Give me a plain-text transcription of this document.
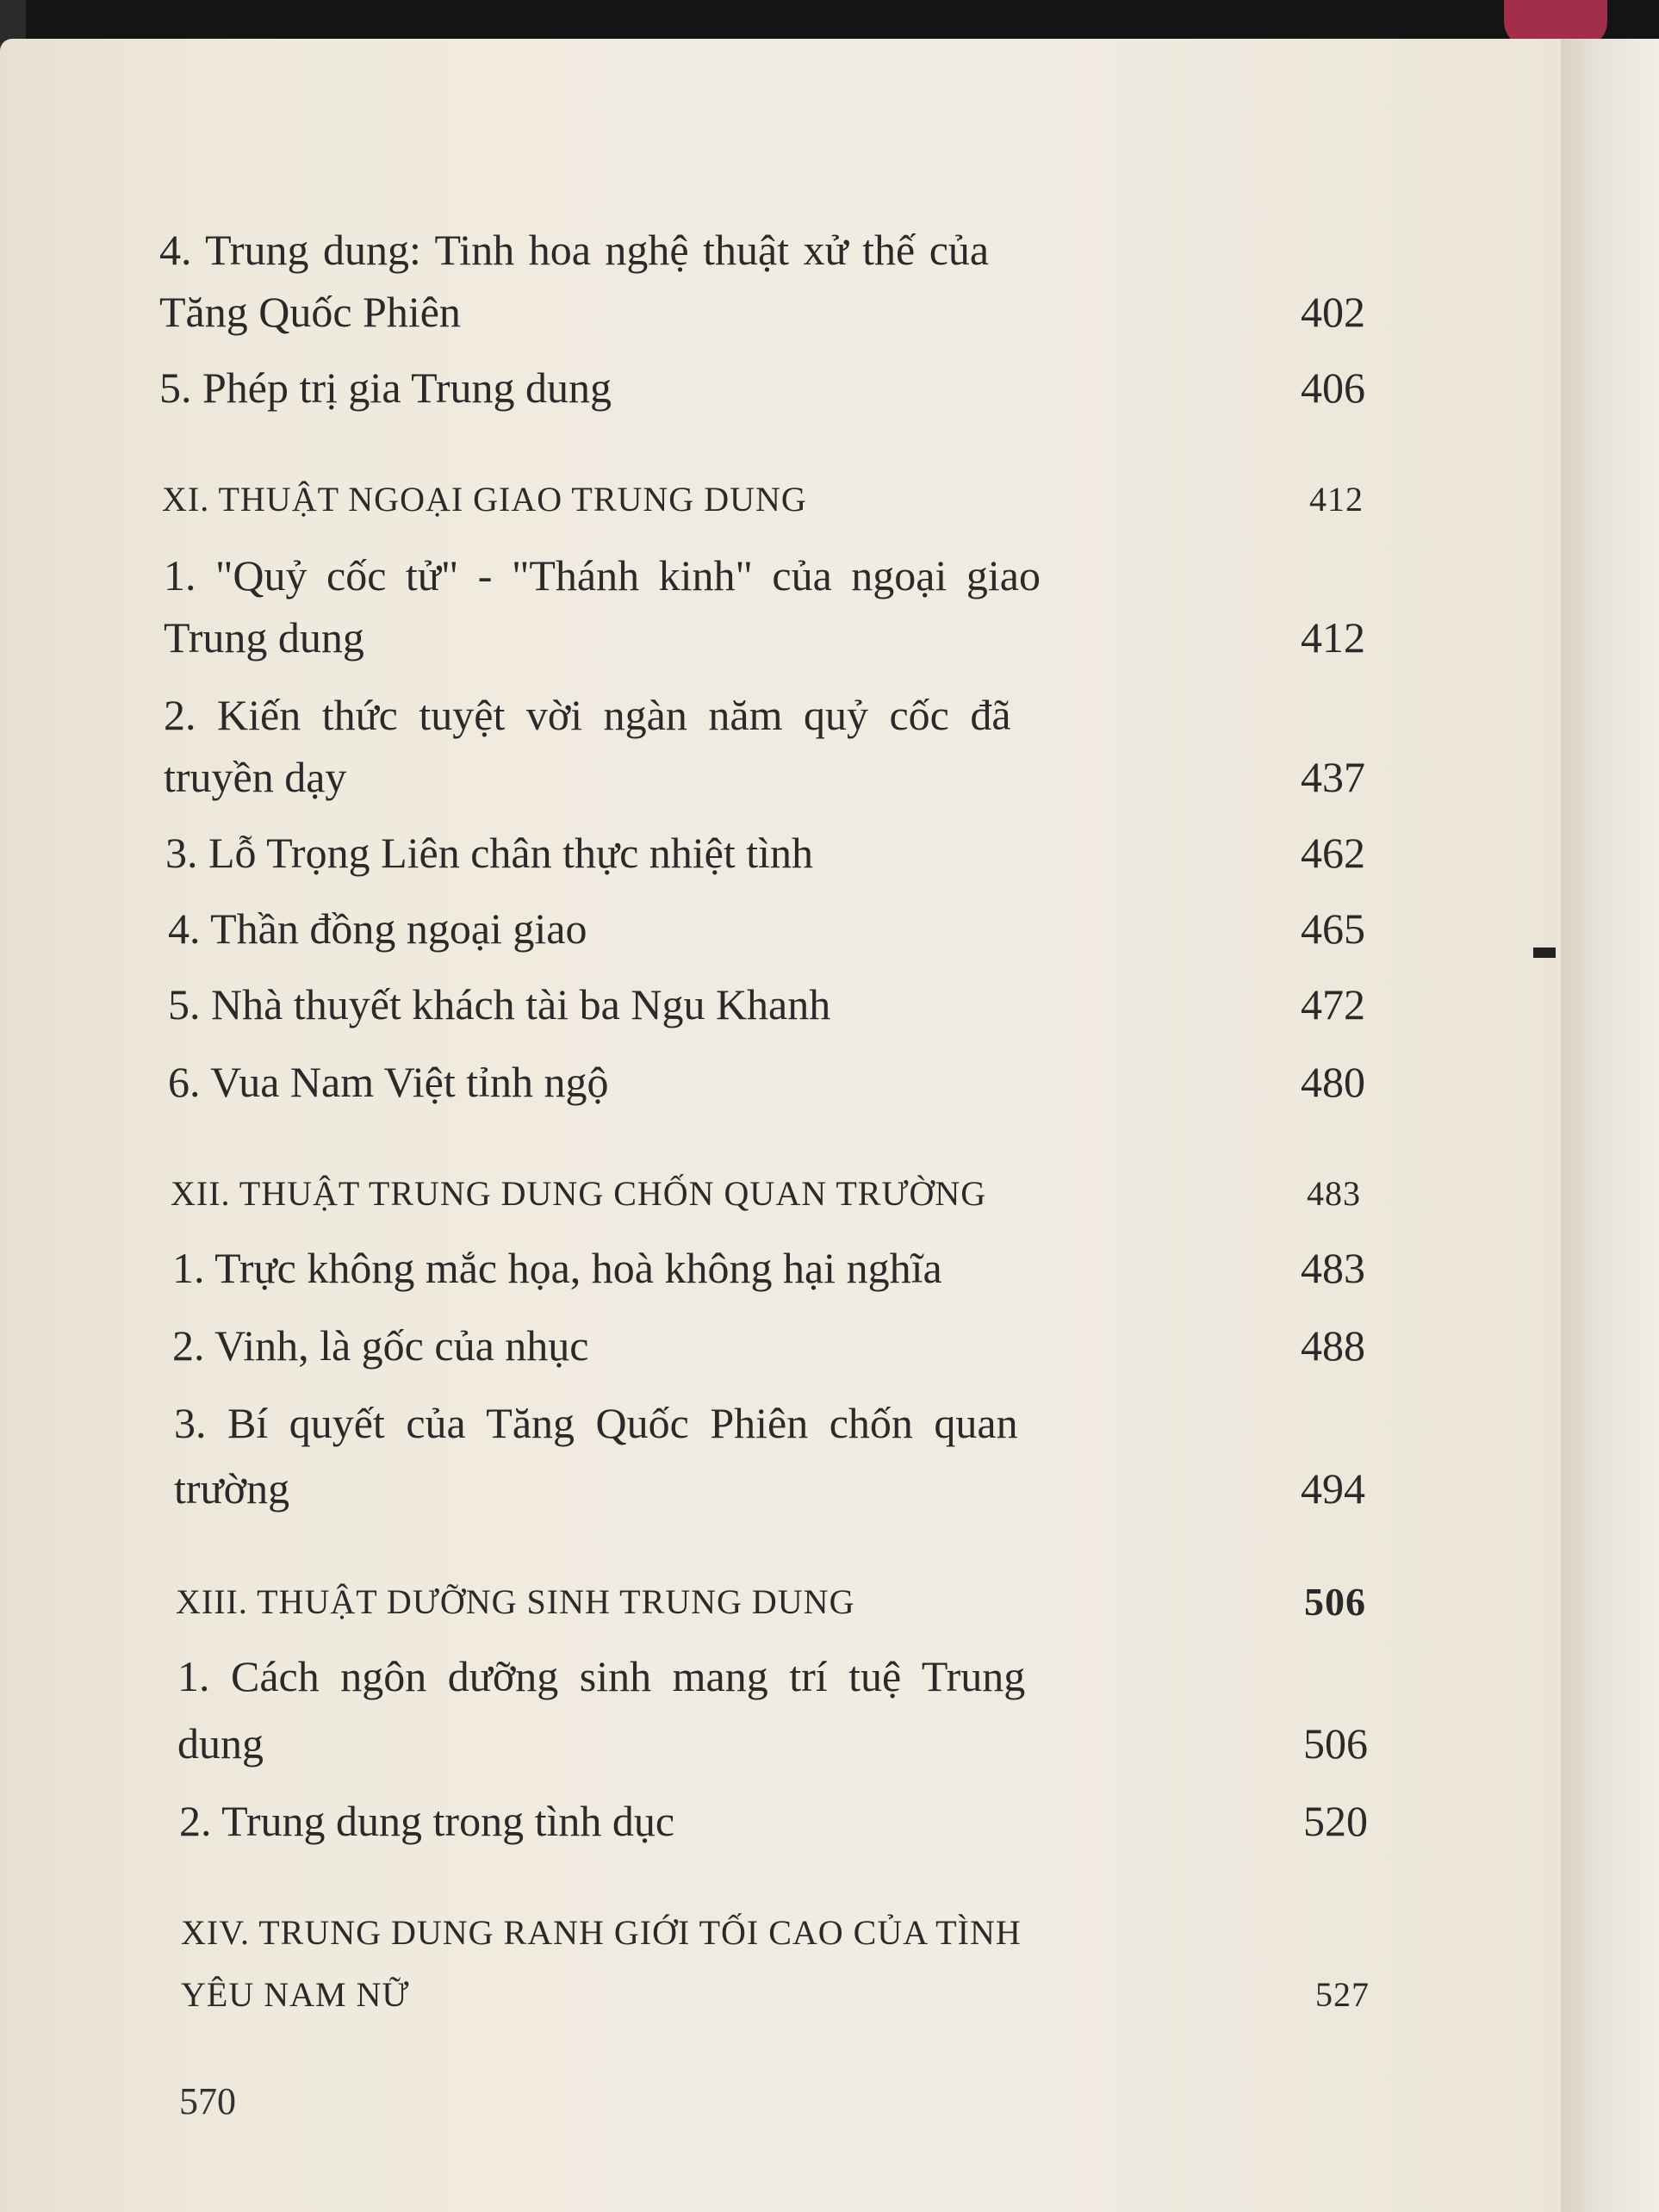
4. Trung dung: Tinh hoa nghệ thuật xử thế của
Tăng Quốc Phiên	402
5. Phép trị gia Trung dung	406
XI. THUẬT NGOẠI GIAO TRUNG DUNG	412
1. "Quỷ cốc tử" - "Thánh kinh" của ngoại giao
Trung dung	412
2. Kiến thức tuyệt vời ngàn năm quỷ cốc đã
truyền dạy	437
3. Lỗ Trọng Liên chân thực nhiệt tình	462
4. Thần đồng ngoại giao	465
5. Nhà thuyết khách tài ba Ngu Khanh	472
6. Vua Nam Việt tỉnh ngộ	480
XII. THUẬT TRUNG DUNG CHỐN QUAN TRƯỜNG	483
1. Trực không mắc họa, hoà không hại nghĩa	483
2. Vinh, là gốc của nhục	488
3. Bí quyết của Tăng Quốc Phiên chốn quan
trường	494
XIII. THUẬT DƯỠNG SINH TRUNG DUNG	506
1. Cách ngôn dưỡng sinh mang trí tuệ Trung
dung	506
2. Trung dung trong tình dục	520
XIV. TRUNG DUNG RANH GIỚI TỐI CAO CỦA TÌNH
YÊU NAM NỮ	527
570
